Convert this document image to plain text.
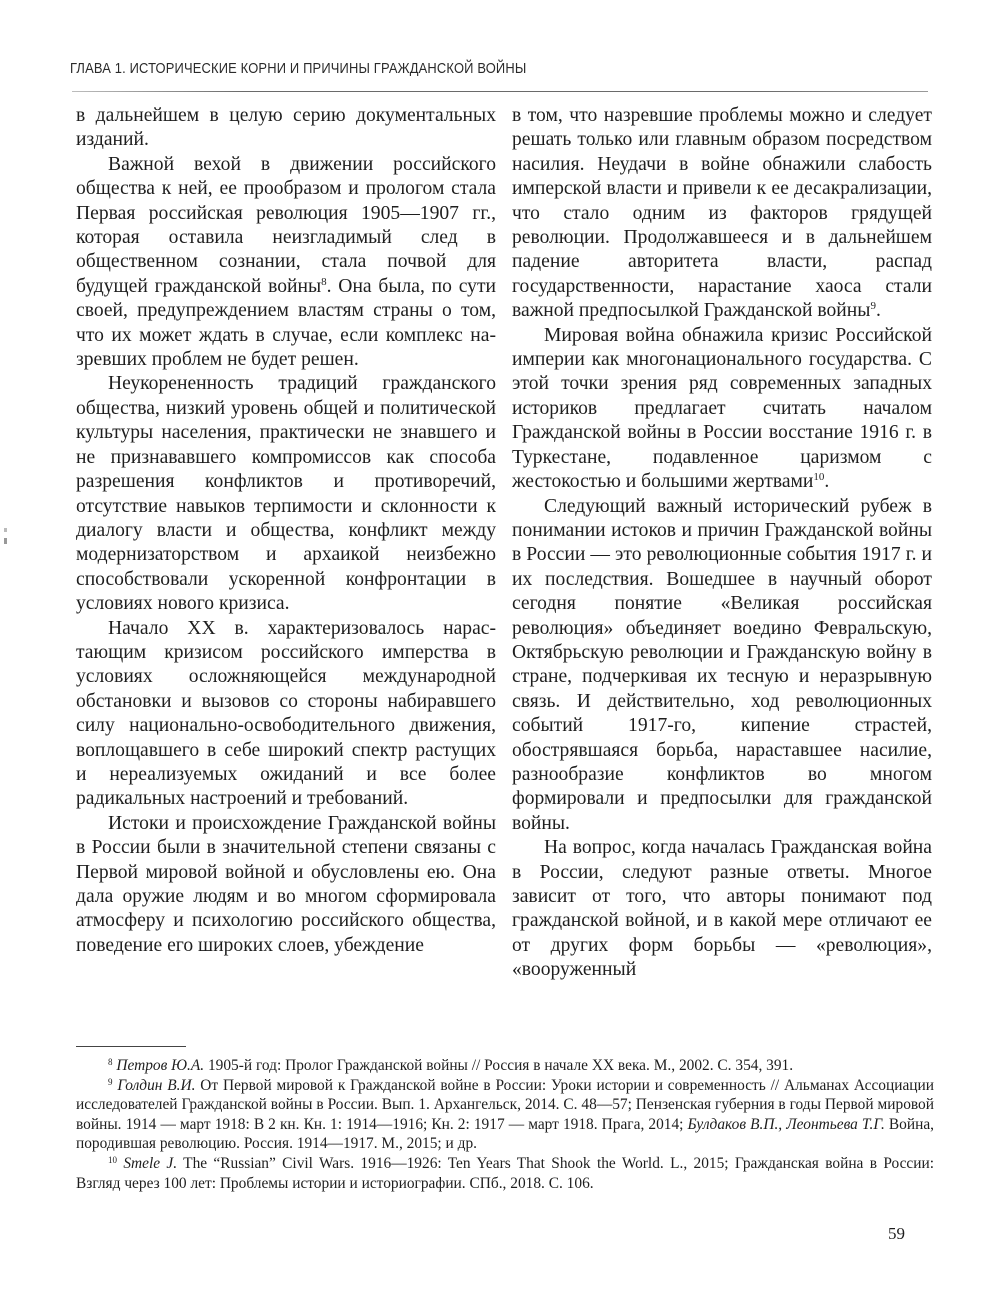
ГЛАВА 1. ИСТОРИЧЕСКИЕ КОРНИ И ПРИЧИНЫ ГРАЖДАНСКОЙ ВОЙНЫ

в дальнейшем в целую серию документальных изданий.

Важной вехой в движении российского общества к ней, ее прообразом и прологом стала Первая российская революция 1905—1907 гг., которая оставила неизгладимый след в общественном сознании, стала почвой для будущей гражданской войны$^8$. Она была, по сути своей, предупреждением властям страны о том, что их может ждать в случае, если комплекс назревших проблем не будет решен.

Неукорененность традиций гражданского общества, низкий уровень общей и политической культуры населения, практически не знавшего и не признававшего компромиссов как способа разрешения конфликтов и противоречий, отсутствие навыков терпимости и склонности к диалогу власти и общества, конфликт между модернизаторством и архаикой неизбежно способствовали ускоренной конфронтации в условиях нового кризиса.

Начало XX в. характеризовалось нарастающим кризисом российского имперства в условиях осложняющейся международной обстановки и вызовов со стороны набиравшего силу национально-освободительного движения, воплощавшего в себе широкий спектр растущих и нереализуемых ожиданий и все более радикальных настроений и требований.

Истоки и происхождение Гражданской войны в России были в значительной степени связаны с Первой мировой войной и обусловлены ею. Она дала оружие людям и во многом сформировала атмосферу и психологию российского общества, поведение его широких слоев, убеждение

в том, что назревшие проблемы можно и следует решать только или главным образом посредством насилия. Неудачи в войне обнажили слабость имперской власти и привели к ее десакрализации, что стало одним из факторов грядущей революции. Продолжавшееся и в дальнейшем падение авторитета власти, распад государственности, нарастание хаоса стали важной предпосылкой Гражданской войны$^9$.

Мировая война обнажила кризис Российской империи как многонационального государства. С этой точки зрения ряд современных западных историков предлагает считать началом Гражданской войны в России восстание 1916 г. в Туркестане, подавленное царизмом с жестокостью и большими жертвами$^{10}$.

Следующий важный исторический рубеж в понимании истоков и причин Гражданской войны в России — это революционные события 1917 г. и их последствия. Вошедшее в научный оборот сегодня понятие «Великая российская революция» объединяет воедино Февральскую, Октябрьскую революции и Гражданскую войну в стране, подчеркивая их тесную и неразрывную связь. И действительно, ход революционных событий 1917-го, кипение страстей, обострявшаяся борьба, нараставшее насилие, разнообразие конфликтов во многом формировали и предпосылки для гражданской войны.

На вопрос, когда началась Гражданская война в России, следуют разные ответы. Многое зависит от того, что авторы понимают под гражданской войной, и в какой мере отличают ее от других форм борьбы — «революция», «вооруженный

$^8$ Петров Ю.А. 1905-й год: Пролог Гражданской войны // Россия в начале XX века. М., 2002. С. 354, 391.

$^9$ Голдин В.И. От Первой мировой к Гражданской войне в России: Уроки истории и современность // Альманах Ассоциации исследователей Гражданской войны в России. Вып. 1. Архангельск, 2014. С. 48—57; Пензенская губерния в годы Первой мировой войны. 1914 — март 1918: В 2 кн. Кн. 1: 1914—1916; Кн. 2: 1917 — март 1918. Прага, 2014; Булдаков В.П., Леонтьева Т.Г. Война, породившая революцию. Россия. 1914—1917. М., 2015; и др.

$^{10}$ Smele J. The “Russian” Civil Wars. 1916—1926: Ten Years That Shook the World. L., 2015; Гражданская война в России: Взгляд через 100 лет: Проблемы истории и историографии. СПб., 2018. С. 106.

59
